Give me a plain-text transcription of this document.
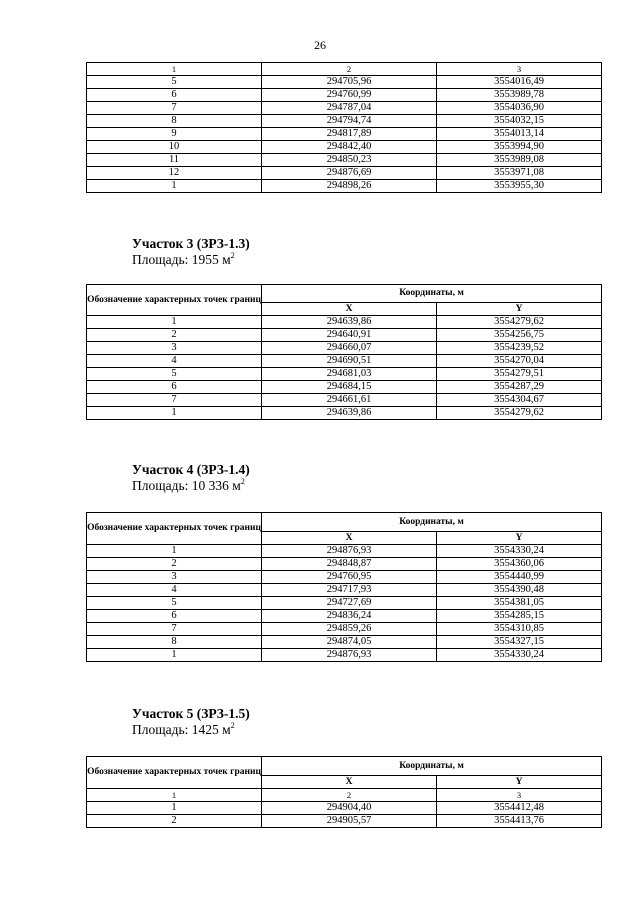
26
1	2	3
5	294705,96	3554016,49
6	294760,99	3553989,78
7	294787,04	3554036,90
8	294794,74	3554032,15
9	294817,89	3554013,14
10	294842,40	3553994,90
11	294850,23	3553989,08
12	294876,69	3553971,08
1	294898,26	3553955,30
Участок 3 (ЗРЗ-1.3)
Площадь: 1955 $м^2$
Обозначение характерных точек границ	Координаты, м	
	X	Y
1	294639,86	3554279,62
2	294640,91	3554256,75
3	294660,07	3554239,52
4	294690,51	3554270,04
5	294681,03	3554279,51
6	294684,15	3554287,29
7	294661,61	3554304,67
1	294639,86	3554279,62
Участок 4 (ЗРЗ-1.4)
Площадь: 10 336 $м^2$
Обозначение характерных точек границ	Координаты, м	
	X	Y
1	294876,93	3554330,24
2	294848,87	3554360,06
3	294760,95	3554440,99
4	294717,93	3554390,48
5	294727,69	3554381,05
6	294836,24	3554285,15
7	294859,26	3554310,85
8	294874,05	3554327,15
1	294876,93	3554330,24
Участок 5 (ЗРЗ-1.5)
Площадь: 1425 $м^2$
Обозначение характерных точек границ	Координаты, м	
	X	Y
1	2	3
1	294904,40	3554412,48
2	294905,57	3554413,76
